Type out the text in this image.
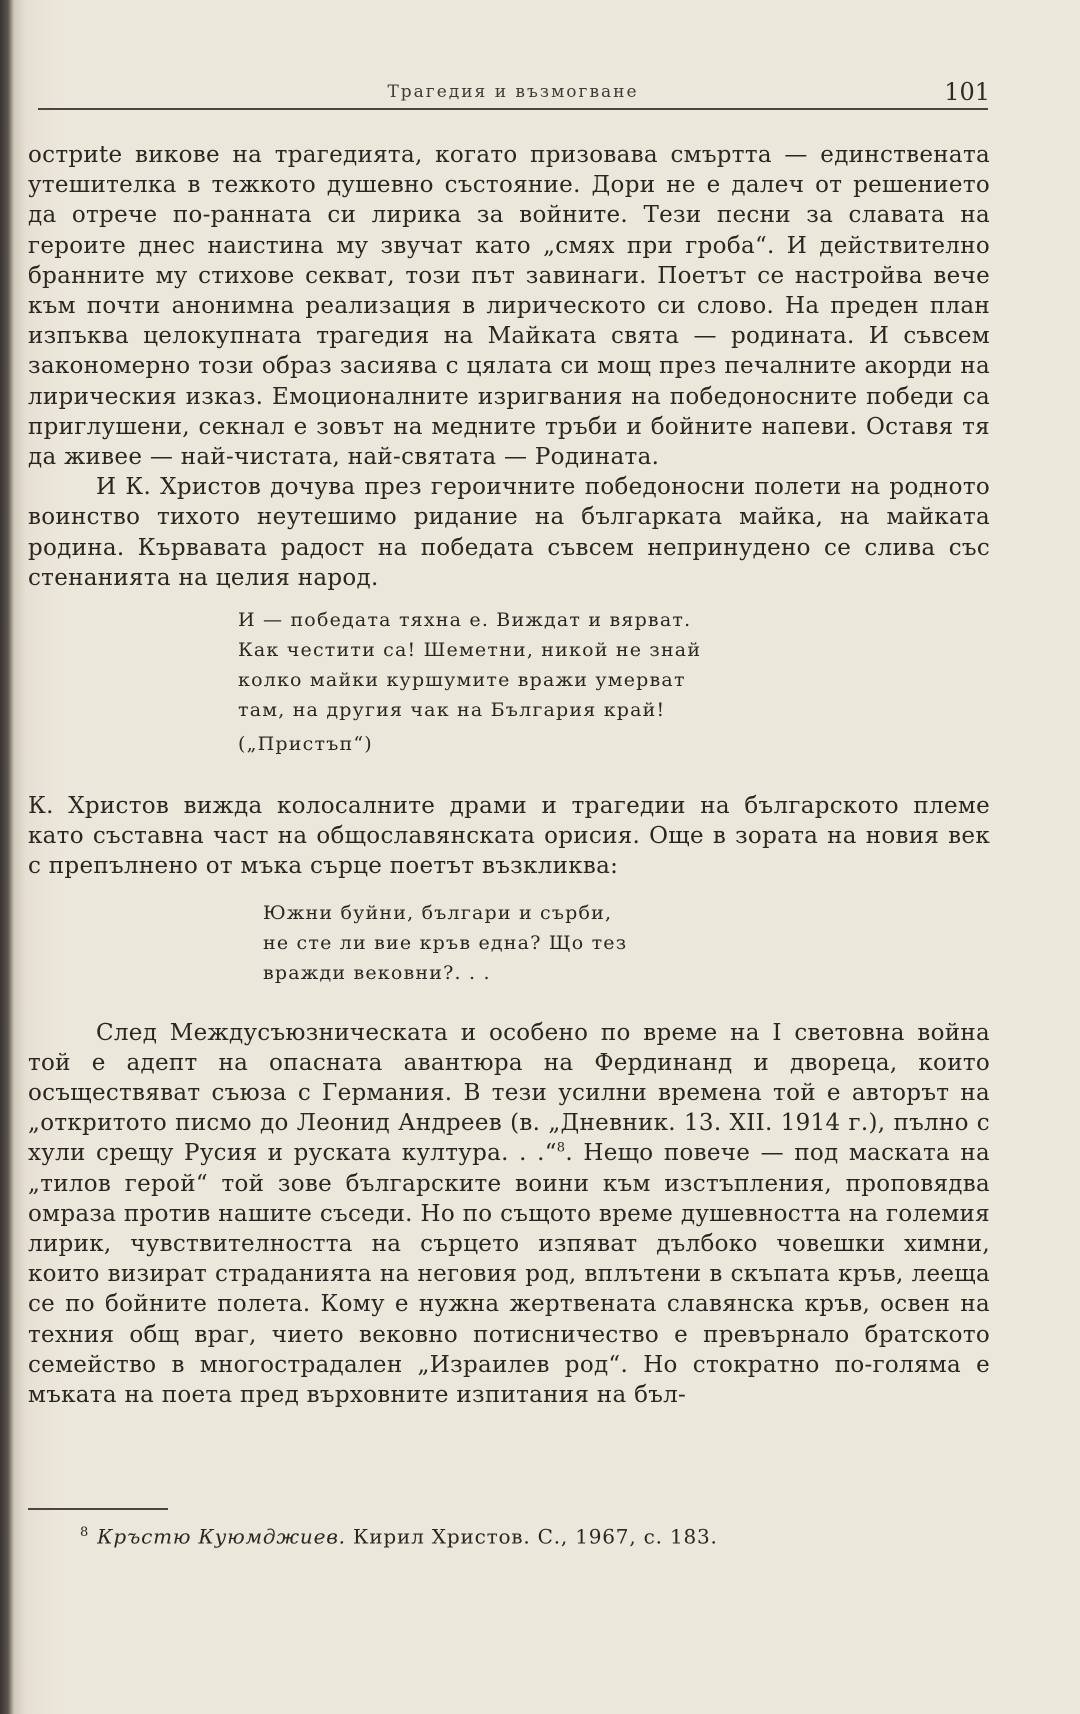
Трагедия и възмогване	101

остриte викове на трагедията, когато призовава смъртта — единствената утешителка в тежкото душевно състояние. Дори не е далеч от решението да отрече по-ранната си лирика за войните. Тези песни за славата на героите днес наистина му звучат като „смях при гроба“. И действително бранните му стихове секват, този път завинаги. Поетът се настройва вече към почти анонимна реализация в лирическото си слово. На преден план изпъква целокупната трагедия на Майката свята — родината. И съвсем закономерно този образ засиява с цялата си мощ през печалните акорди на лирическия изказ. Емоционалните изригвания на победоносните победи са приглушени, секнал е зовът на медните тръби и бойните напеви. Оставя тя да живее — най-чистата, най-святата — Родината.

И К. Христов дочува през героичните победоносни полети на родното воинство тихото неутешимо ридание на българката майка, на майката родина. Кървавата радост на победата съвсем непринудено се слива със стенанията на целия народ.

И — победата тяхна е. Виждат и вярват.
Как честити са! Шеметни, никой не знай
колко майки куршумите вражи умерват
там, на другия чак на България край!
(„Пристъп“)

К. Христов вижда колосалните драми и трагедии на българското племе като съставна част на общославянската орисия. Още в зората на новия век с препълнено от мъка сърце поетът възкликва:

Южни буйни, българи и сърби,
не сте ли вие кръв една? Що тез
вражди вековни?. . .

След Междусъюзническата и особено по време на I световна война той е адепт на опасната авантюра на Фердинанд и двореца, които осъществяват съюза с Германия. В тези усилни времена той е авторът на „откритото писмо до Леонид Андреев (в. „Дневник. 13. XII. 1914 г.), пълно с хули срещу Русия и руската култура. . .“$^8$. Нещо повече — под маската на „тилов герой“ той зове българските воини към изстъпления, проповядва омраза против нашите съседи. Но по същото време душевността на големия лирик, чувствителността на сърцето изпяват дълбоко човешки химни, които визират страданията на неговия род, вплътени в скъпата кръв, лееща се по бойните полета. Кому е нужна жертвената славянска кръв, освен на техния общ враг, чието вековно потисничество е превърнало братското семейство в многострадален „Израилев род“. Но стократно по-голяма е мъката на поета пред върховните изпитания на бъл-

$^8$ Кръстю Куюмджиев. Кирил Христов. С., 1967, с. 183.
